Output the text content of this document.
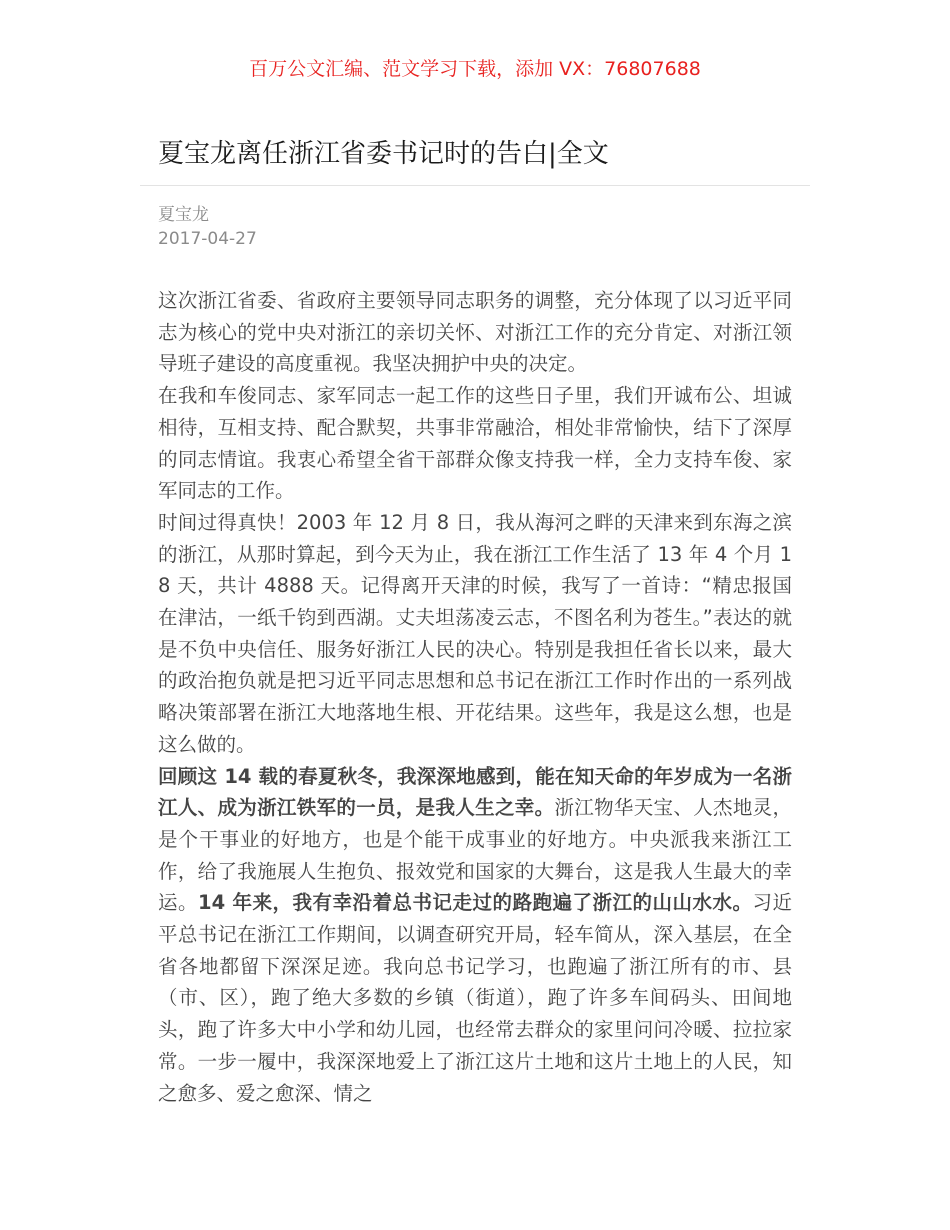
百万公文汇编、范文学习下载，添加 VX：76807688
夏宝龙离任浙江省委书记时的告白|全文
夏宝龙
2017-04-27

这次浙江省委、省政府主要领导同志职务的调整，充分体现了以习近平同志为核心的党中央对浙江的亲切关怀、对浙江工作的充分肯定、对浙江领导班子建设的高度重视。我坚决拥护中央的决定。

在我和车俊同志、家军同志一起工作的这些日子里，我们开诚布公、坦诚相待，互相支持、配合默契，共事非常融洽，相处非常愉快，结下了深厚的同志情谊。我衷心希望全省干部群众像支持我一样，全力支持车俊、家军同志的工作。

时间过得真快！2003 年 12 月 8 日，我从海河之畔的天津来到东海之滨的浙江，从那时算起，到今天为止，我在浙江工作生活了 13 年 4 个月 18 天，共计 4888 天。记得离开天津的时候，我写了一首诗：“精忠报国在津沽，一纸千钧到西湖。丈夫坦荡凌云志，不图名利为苍生。”表达的就是不负中央信任、服务好浙江人民的决心。特别是我担任省长以来，最大的政治抱负就是把习近平同志思想和总书记在浙江工作时作出的一系列战略决策部署在浙江大地落地生根、开花结果。这些年，我是这么想，也是这么做的。

回顾这 14 载的春夏秋冬，我深深地感到，能在知天命的年岁成为一名浙江人、成为浙江铁军的一员，是我人生之幸。浙江物华天宝、人杰地灵，是个干事业的好地方，也是个能干成事业的好地方。中央派我来浙江工作，给了我施展人生抱负、报效党和国家的大舞台，这是我人生最大的幸运。14 年来，我有幸沿着总书记走过的路跑遍了浙江的山山水水。习近平总书记在浙江工作期间，以调查研究开局，轻车简从，深入基层，在全省各地都留下深深足迹。我向总书记学习，也跑遍了浙江所有的市、县（市、区），跑了绝大多数的乡镇（街道），跑了许多车间码头、田间地头，跑了许多大中小学和幼儿园，也经常去群众的家里问问冷暖、拉拉家常。一步一履中，我深深地爱上了浙江这片土地和这片土地上的人民，知之愈多、爱之愈深、情之
